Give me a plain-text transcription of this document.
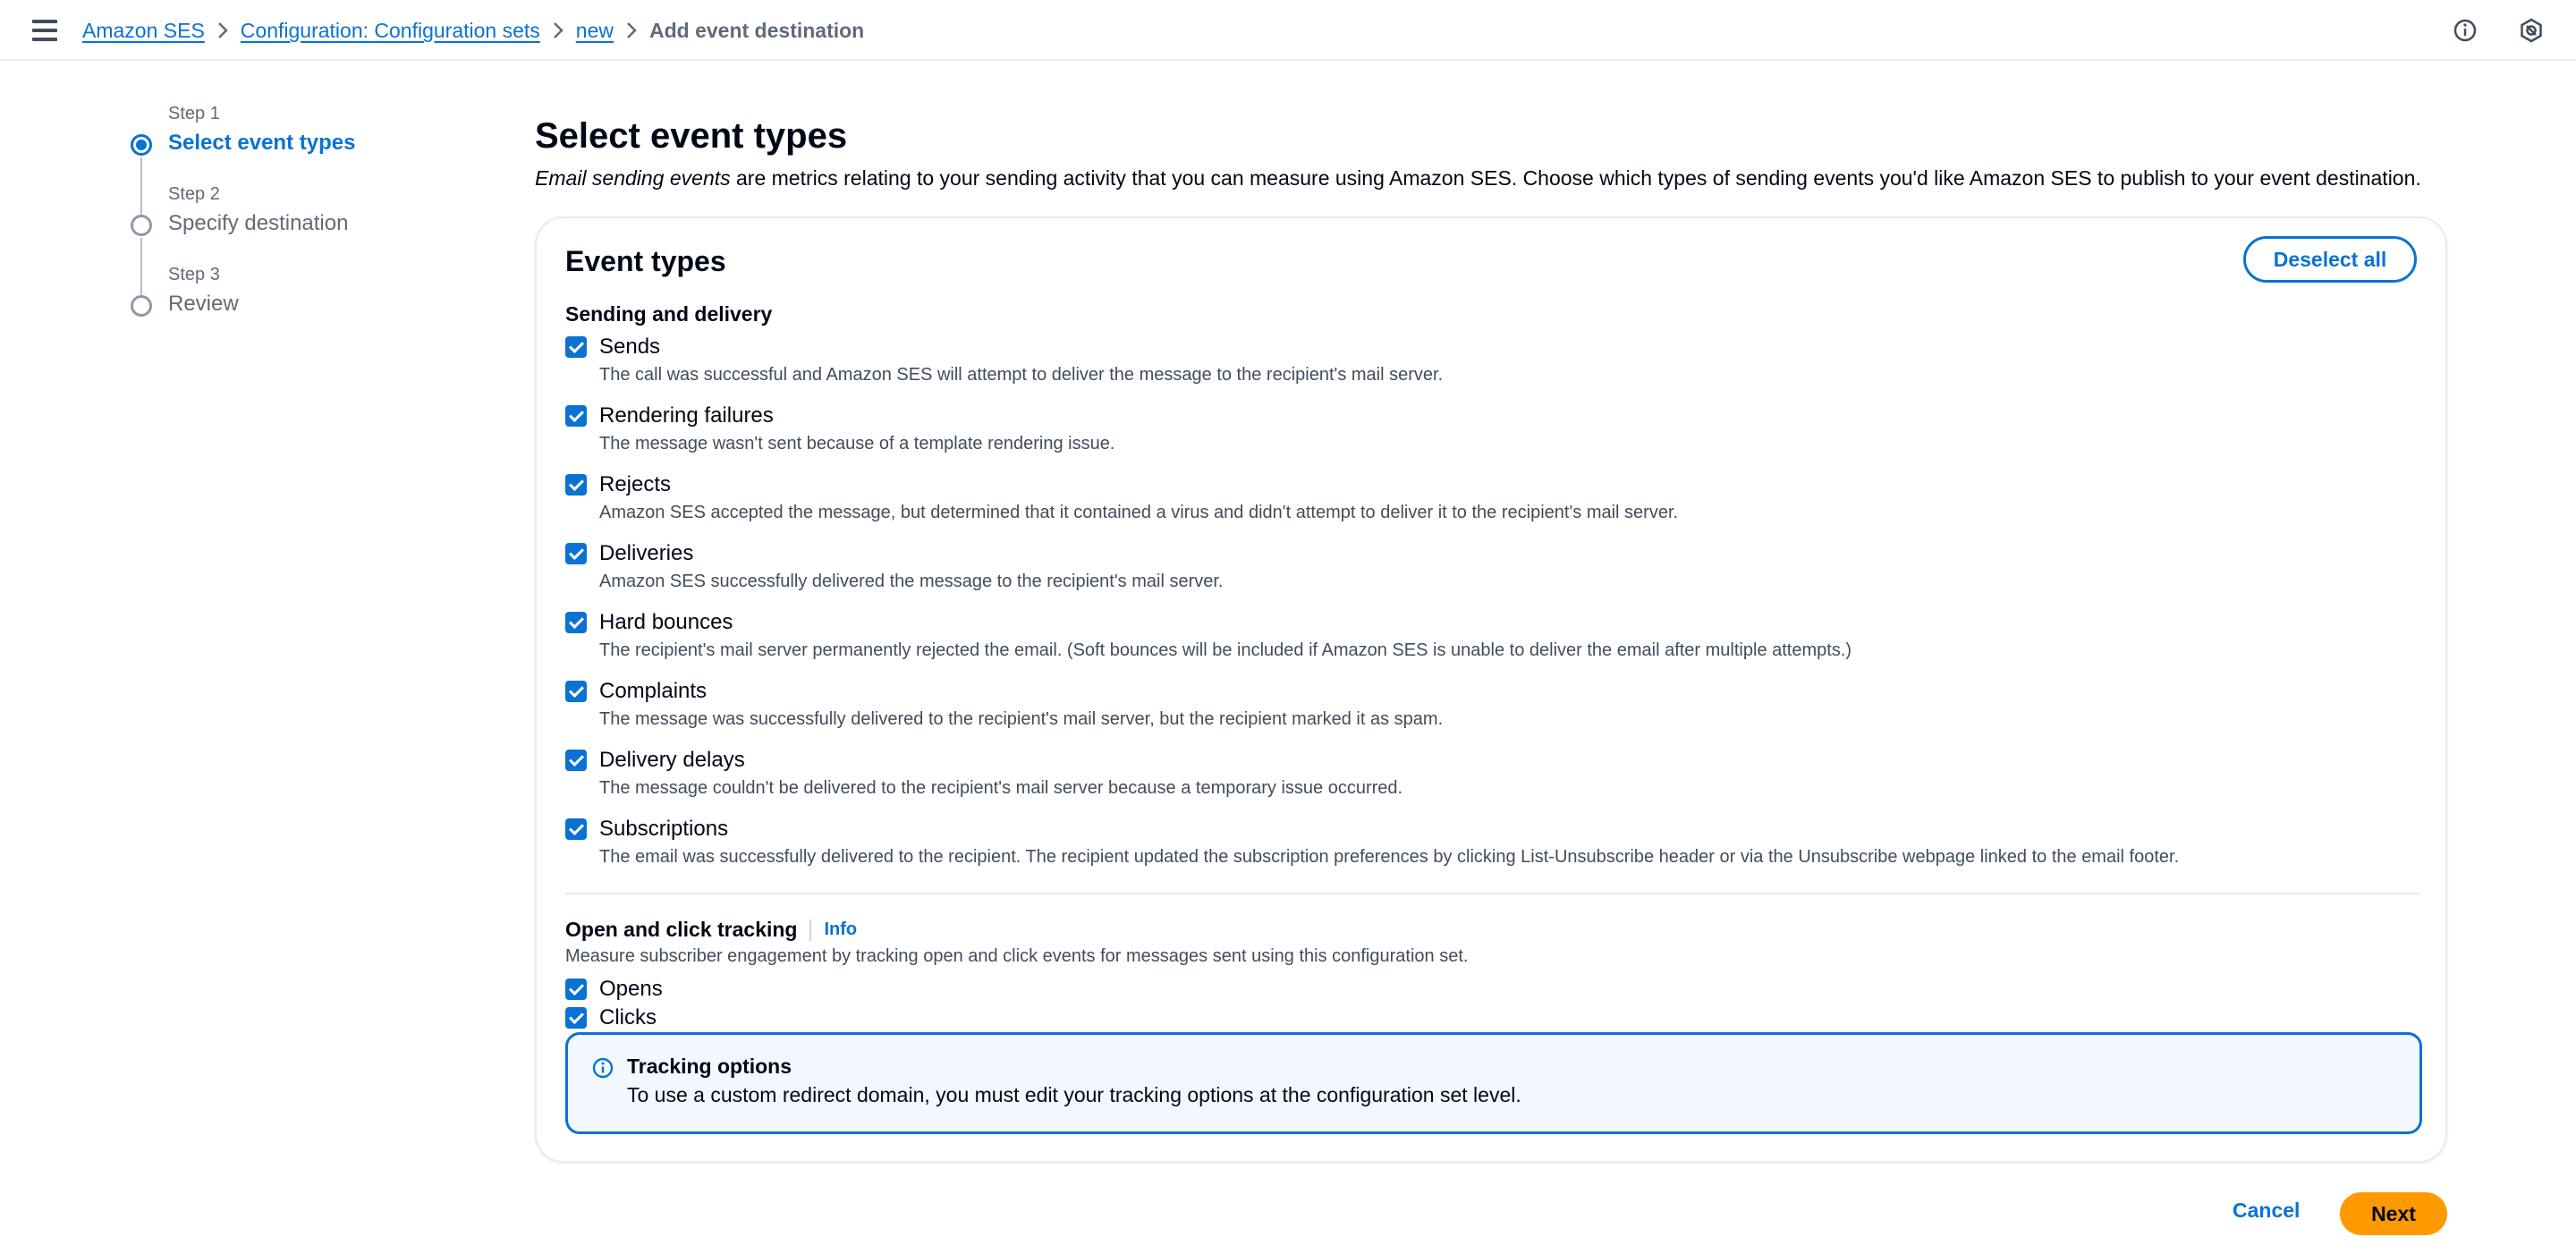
Amazon SES Configuration: Configuration sets new Add event destination
Step 1
Select event types
Step 2
Specify destination
Step 3
Review
Select event types

Email sending events are metrics relating to your sending activity that you can measure using Amazon SES. Choose which types of sending events you'd like Amazon SES to publish to your event destination.

Event types	Deselect all
Sending and delivery
Sends
The call was successful and Amazon SES will attempt to deliver the message to the recipient's mail server.
Rendering failures
The message wasn't sent because of a template rendering issue.
Rejects
Amazon SES accepted the message, but determined that it contained a virus and didn't attempt to deliver it to the recipient's mail server.
Deliveries
Amazon SES successfully delivered the message to the recipient's mail server.
Hard bounces
The recipient's mail server permanently rejected the email. (Soft bounces will be included if Amazon SES is unable to deliver the email after multiple attempts.)
Complaints
The message was successfully delivered to the recipient's mail server, but the recipient marked it as spam.
Delivery delays
The message couldn't be delivered to the recipient's mail server because a temporary issue occurred.
Subscriptions
The email was successfully delivered to the recipient. The recipient updated the subscription preferences by clicking List-Unsubscribe header or via the Unsubscribe webpage linked to the email footer.
Open and click tracking Info
Measure subscriber engagement by tracking open and click events for messages sent using this configuration set.
Opens
Clicks
Tracking options
To use a custom redirect domain, you must edit your tracking options at the configuration set level.
Cancel	Next
